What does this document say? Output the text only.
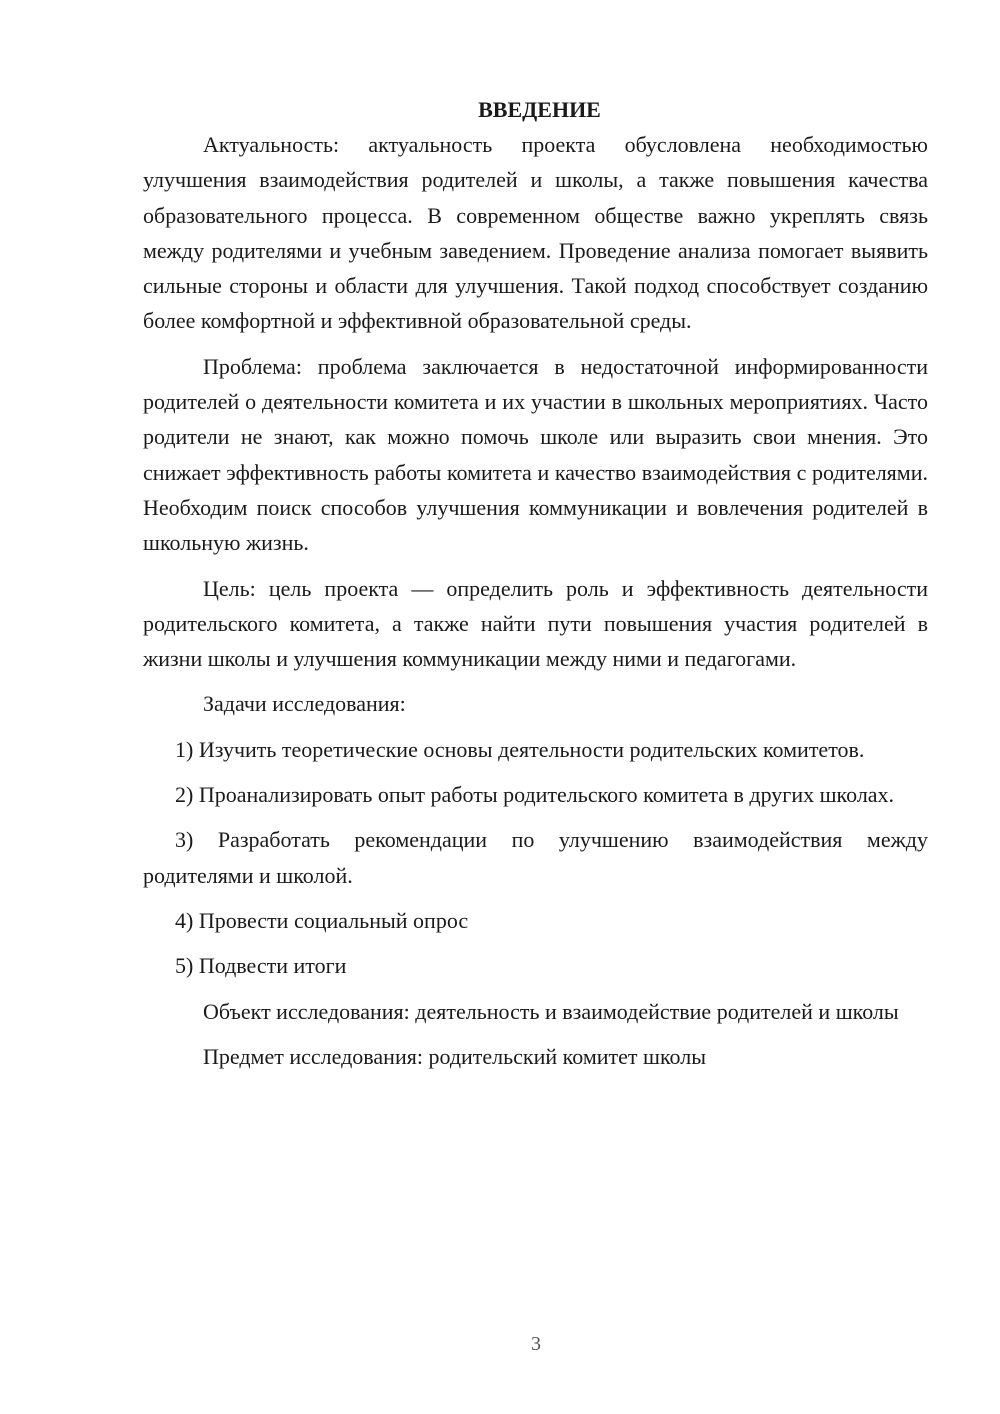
ВВЕДЕНИЕ

Актуальность: актуальность проекта обусловлена необходимостью улучшения взаимодействия родителей и школы, а также повышения качества образовательного процесса. В современном обществе важно укреплять связь между родителями и учебным заведением. Проведение анализа помогает выявить сильные стороны и области для улучшения. Такой подход способствует созданию более комфортной и эффективной образовательной среды.

Проблема: проблема заключается в недостаточной информированности родителей о деятельности комитета и их участии в школьных мероприятиях. Часто родители не знают, как можно помочь школе или выразить свои мнения. Это снижает эффективность работы комитета и качество взаимодействия с родителями. Необходим поиск способов улучшения коммуникации и вовлечения родителей в школьную жизнь.

Цель: цель проекта — определить роль и эффективность деятельности родительского комитета, а также найти пути повышения участия родителей в жизни школы и улучшения коммуникации между ними и педагогами.

Задачи исследования:

1) Изучить теоретические основы деятельности родительских комитетов.

2) Проанализировать опыт работы родительского комитета в других школах.

3) Разработать рекомендации по улучшению взаимодействия между родителями и школой.

4) Провести социальный опрос

5) Подвести итоги

Объект исследования: деятельность и взаимодействие родителей и школы

Предмет исследования: родительский комитет школы

3
